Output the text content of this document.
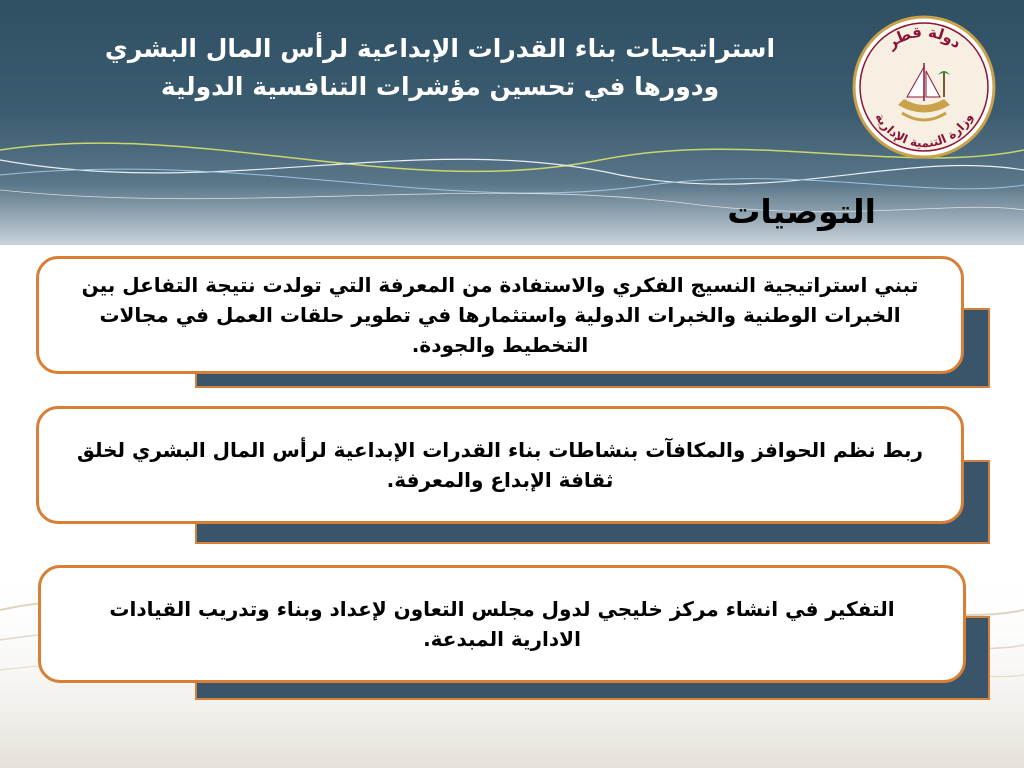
استراتيجيات بناء القدرات الإبداعية لرأس المال البشري
ودورها في تحسين مؤشرات التنافسية الدولية
دولة قطر
وزارة التنمية الإدارية
التوصيات

تبني استراتيجية النسيج الفكري والاستفادة من المعرفة التي تولدت نتيجة التفاعل بين الخبرات الوطنية والخبرات الدولية واستثمارها في تطوير حلقات العمل في مجالات التخطيط والجودة.

ربط نظم الحوافز والمكافآت بنشاطات بناء القدرات الإبداعية لرأس المال البشري لخلق ثقافة الإبداع والمعرفة.

التفكير في انشاء مركز خليجي لدول مجلس التعاون لإعداد وبناء وتدريب القيادات الادارية المبدعة.
